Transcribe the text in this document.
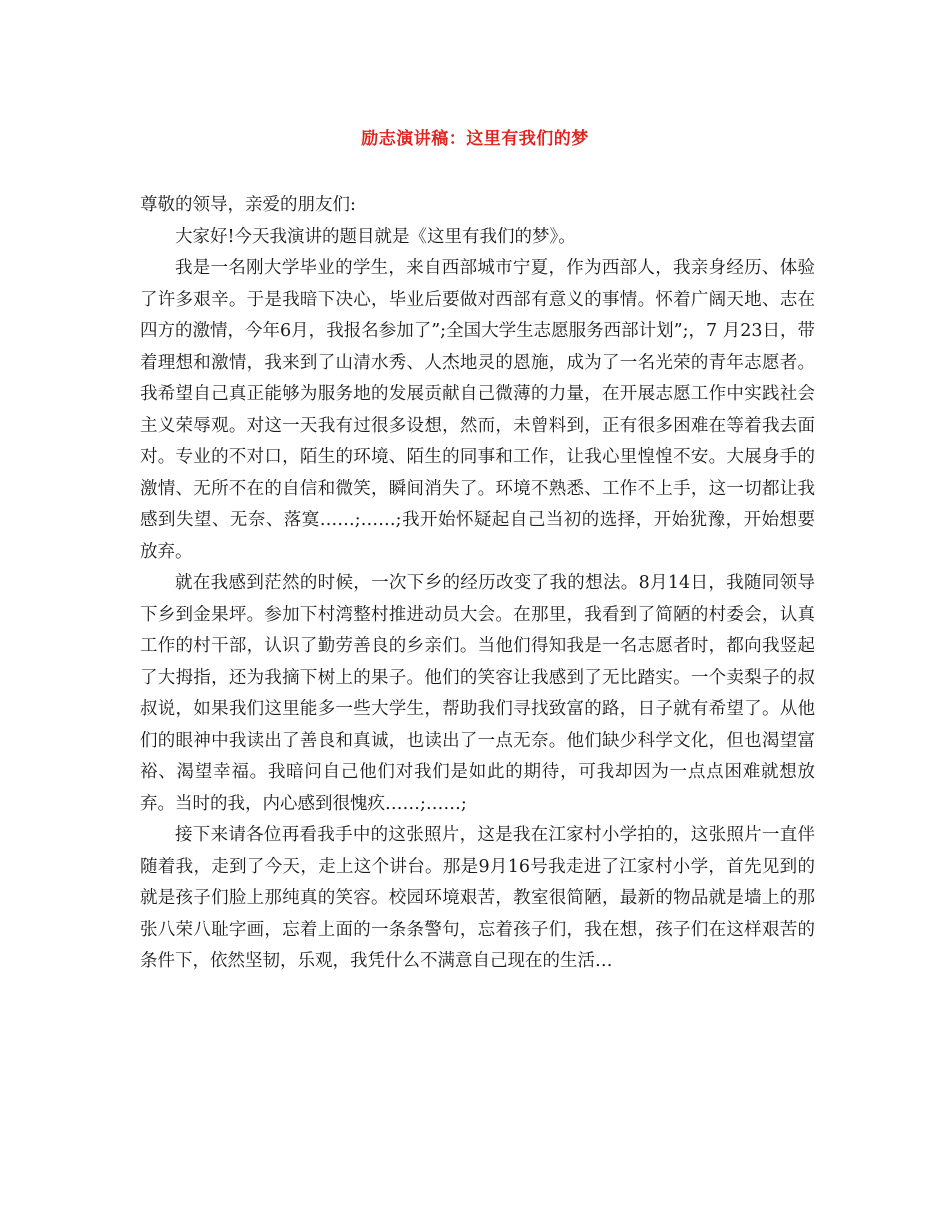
励志演讲稿：这里有我们的梦

尊敬的领导，亲爱的朋友们:

大家好!今天我演讲的题目就是《这里有我们的梦》。

我是一名刚大学毕业的学生，来自西部城市宁夏，作为西部人，我亲身经历、体验了许多艰辛。于是我暗下决心，毕业后要做对西部有意义的事情。怀着广阔天地、志在四方的激情，今年6月，我报名参加了”;全国大学生志愿服务西部计划”;，7 月23日，带着理想和激情，我来到了山清水秀、人杰地灵的恩施，成为了一名光荣的青年志愿者。我希望自己真正能够为服务地的发展贡献自己微薄的力量，在开展志愿工作中实践社会主义荣辱观。对这一天我有过很多设想，然而，未曾料到，正有很多困难在等着我去面对。专业的不对口，陌生的环境、陌生的同事和工作，让我心里惶惶不安。大展身手的激情、无所不在的自信和微笑，瞬间消失了。环境不熟悉、工作不上手，这一切都让我感到失望、无奈、落寞……;……;我开始怀疑起自己当初的选择，开始犹豫，开始想要放弃。

就在我感到茫然的时候，一次下乡的经历改变了我的想法。8月14日，我随同领导下乡到金果坪。参加下村湾整村推进动员大会。在那里，我看到了简陋的村委会，认真工作的村干部，认识了勤劳善良的乡亲们。当他们得知我是一名志愿者时，都向我竖起了大拇指，还为我摘下树上的果子。他们的笑容让我感到了无比踏实。一个卖梨子的叔叔说，如果我们这里能多一些大学生，帮助我们寻找致富的路，日子就有希望了。从他们的眼神中我读出了善良和真诚，也读出了一点无奈。他们缺少科学文化，但也渴望富裕、渴望幸福。我暗问自己他们对我们是如此的期待，可我却因为一点点困难就想放弃。当时的我，内心感到很愧疚……;……;

接下来请各位再看我手中的这张照片，这是我在江家村小学拍的，这张照片一直伴随着我，走到了今天，走上这个讲台。那是9月16号我走进了江家村小学，首先见到的就是孩子们脸上那纯真的笑容。校园环境艰苦，教室很简陋，最新的物品就是墙上的那张八荣八耻字画，忘着上面的一条条警句，忘着孩子们，我在想，孩子们在这样艰苦的条件下，依然坚韧，乐观，我凭什么不满意自己现在的生活…
